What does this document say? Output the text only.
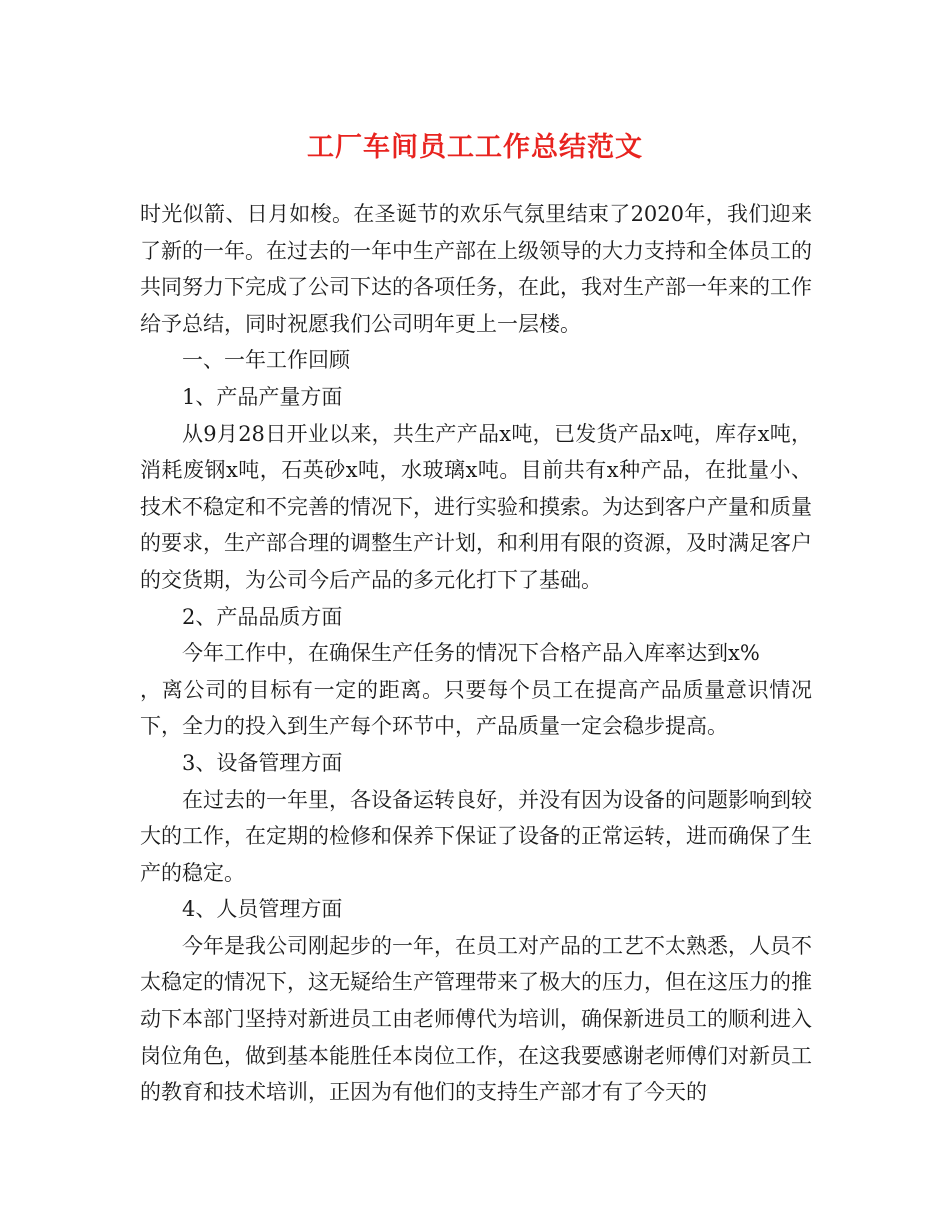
工厂车间员工工作总结范文

时光似箭、日月如梭。在圣诞节的欢乐气氛里结束了2020年，我们迎来了新的一年。在过去的一年中生产部在上级领导的大力支持和全体员工的共同努力下完成了公司下达的各项任务，在此，我对生产部一年来的工作给予总结，同时祝愿我们公司明年更上一层楼。

一、一年工作回顾

1、产品产量方面

从9月28日开业以来，共生产产品x吨，已发货产品x吨，库存x吨，消耗废钢x吨，石英砂x吨，水玻璃x吨。目前共有x种产品，在批量小、技术不稳定和不完善的情况下，进行实验和摸索。为达到客户产量和质量的要求，生产部合理的调整生产计划，和利用有限的资源，及时满足客户的交货期，为公司今后产品的多元化打下了基础。

2、产品品质方面

今年工作中，在确保生产任务的情况下合格产品入库率达到x%

，离公司的目标有一定的距离。只要每个员工在提高产品质量意识情况下，全力的投入到生产每个环节中，产品质量一定会稳步提高。

3、设备管理方面

在过去的一年里，各设备运转良好，并没有因为设备的问题影响到较大的工作，在定期的检修和保养下保证了设备的正常运转，进而确保了生产的稳定。

4、人员管理方面

今年是我公司刚起步的一年，在员工对产品的工艺不太熟悉，人员不太稳定的情况下，这无疑给生产管理带来了极大的压力，但在这压力的推动下本部门坚持对新进员工由老师傅代为培训，确保新进员工的顺利进入岗位角色，做到基本能胜任本岗位工作，在这我要感谢老师傅们对新员工的教育和技术培训，正因为有他们的支持生产部才有了今天的
